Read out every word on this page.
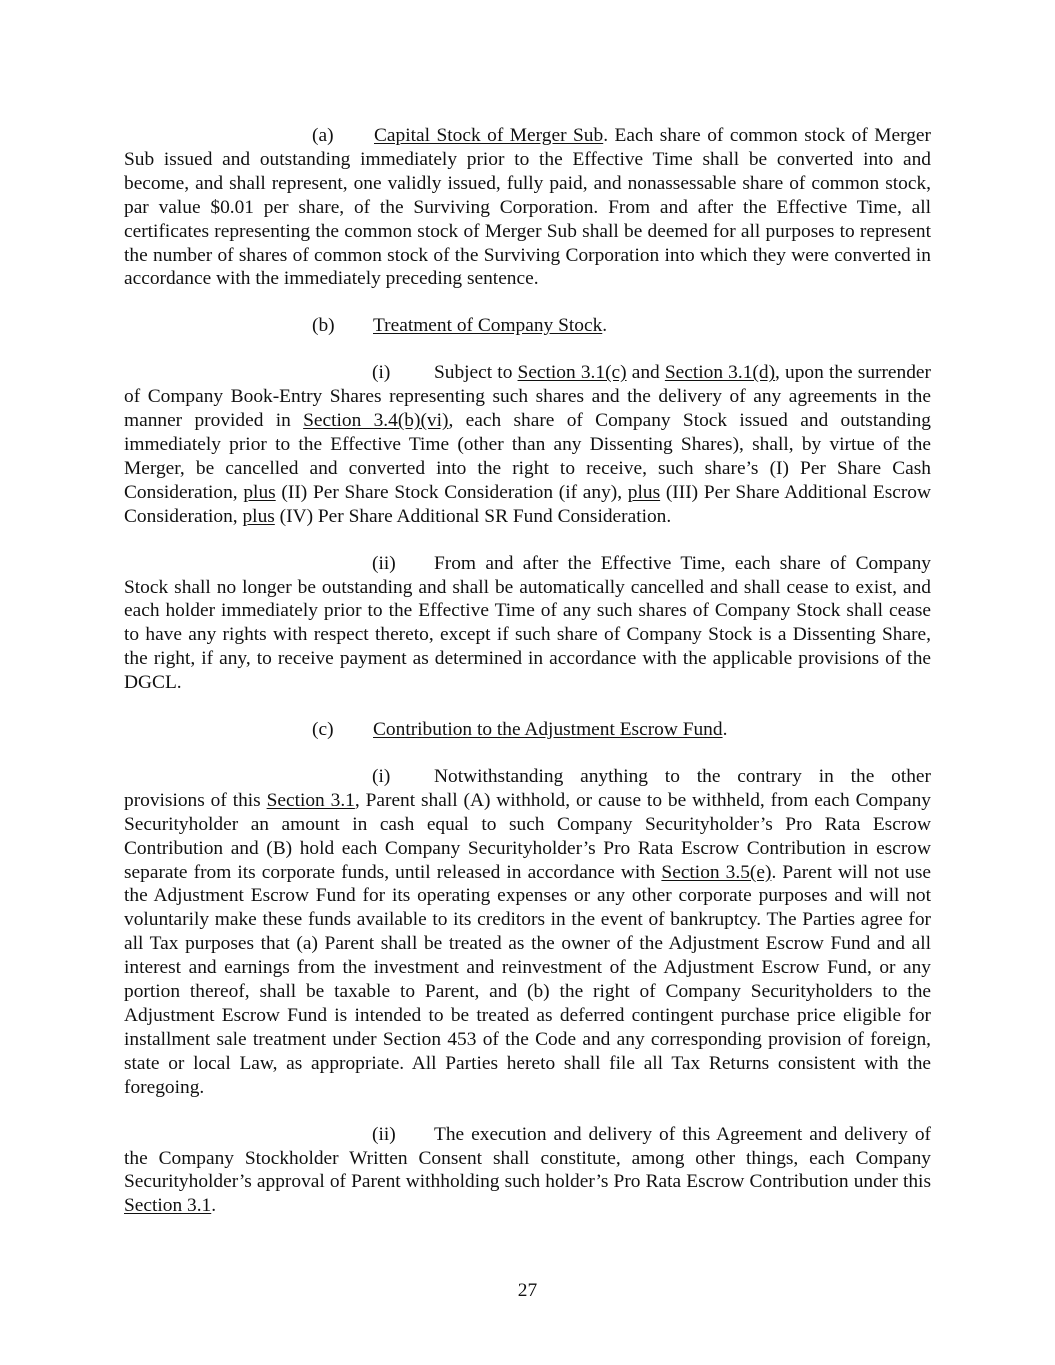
(a) Capital Stock of Merger Sub. Each share of common stock of Merger Sub issued and outstanding immediately prior to the Effective Time shall be converted into and become, and shall represent, one validly issued, fully paid, and nonassessable share of common stock, par value $0.01 per share, of the Surviving Corporation. From and after the Effective Time, all certificates representing the common stock of Merger Sub shall be deemed for all purposes to represent the number of shares of common stock of the Surviving Corporation into which they were converted in accordance with the immediately preceding sentence.

(b) Treatment of Company Stock.

(i) Subject to Section 3.1(c) and Section 3.1(d), upon the surrender of Company Book-Entry Shares representing such shares and the delivery of any agreements in the manner provided in Section 3.4(b)(vi), each share of Company Stock issued and outstanding immediately prior to the Effective Time (other than any Dissenting Shares), shall, by virtue of the Merger, be cancelled and converted into the right to receive, such share’s (I) Per Share Cash Consideration, plus (II) Per Share Stock Consideration (if any), plus (III) Per Share Additional Escrow Consideration, plus (IV) Per Share Additional SR Fund Consideration.

(ii) From and after the Effective Time, each share of Company Stock shall no longer be outstanding and shall be automatically cancelled and shall cease to exist, and each holder immediately prior to the Effective Time of any such shares of Company Stock shall cease to have any rights with respect thereto, except if such share of Company Stock is a Dissenting Share, the right, if any, to receive payment as determined in accordance with the applicable provisions of the DGCL.

(c) Contribution to the Adjustment Escrow Fund.

(i) Notwithstanding anything to the contrary in the other provisions of this Section 3.1, Parent shall (A) withhold, or cause to be withheld, from each Company Securityholder an amount in cash equal to such Company Securityholder’s Pro Rata Escrow Contribution and (B) hold each Company Securityholder’s Pro Rata Escrow Contribution in escrow separate from its corporate funds, until released in accordance with Section 3.5(e). Parent will not use the Adjustment Escrow Fund for its operating expenses or any other corporate purposes and will not voluntarily make these funds available to its creditors in the event of bankruptcy. The Parties agree for all Tax purposes that (a) Parent shall be treated as the owner of the Adjustment Escrow Fund and all interest and earnings from the investment and reinvestment of the Adjustment Escrow Fund, or any portion thereof, shall be taxable to Parent, and (b) the right of Company Securityholders to the Adjustment Escrow Fund is intended to be treated as deferred contingent purchase price eligible for installment sale treatment under Section 453 of the Code and any corresponding provision of foreign, state or local Law, as appropriate. All Parties hereto shall file all Tax Returns consistent with the foregoing.

(ii) The execution and delivery of this Agreement and delivery of the Company Stockholder Written Consent shall constitute, among other things, each Company Securityholder’s approval of Parent withholding such holder’s Pro Rata Escrow Contribution under this Section 3.1.

27
